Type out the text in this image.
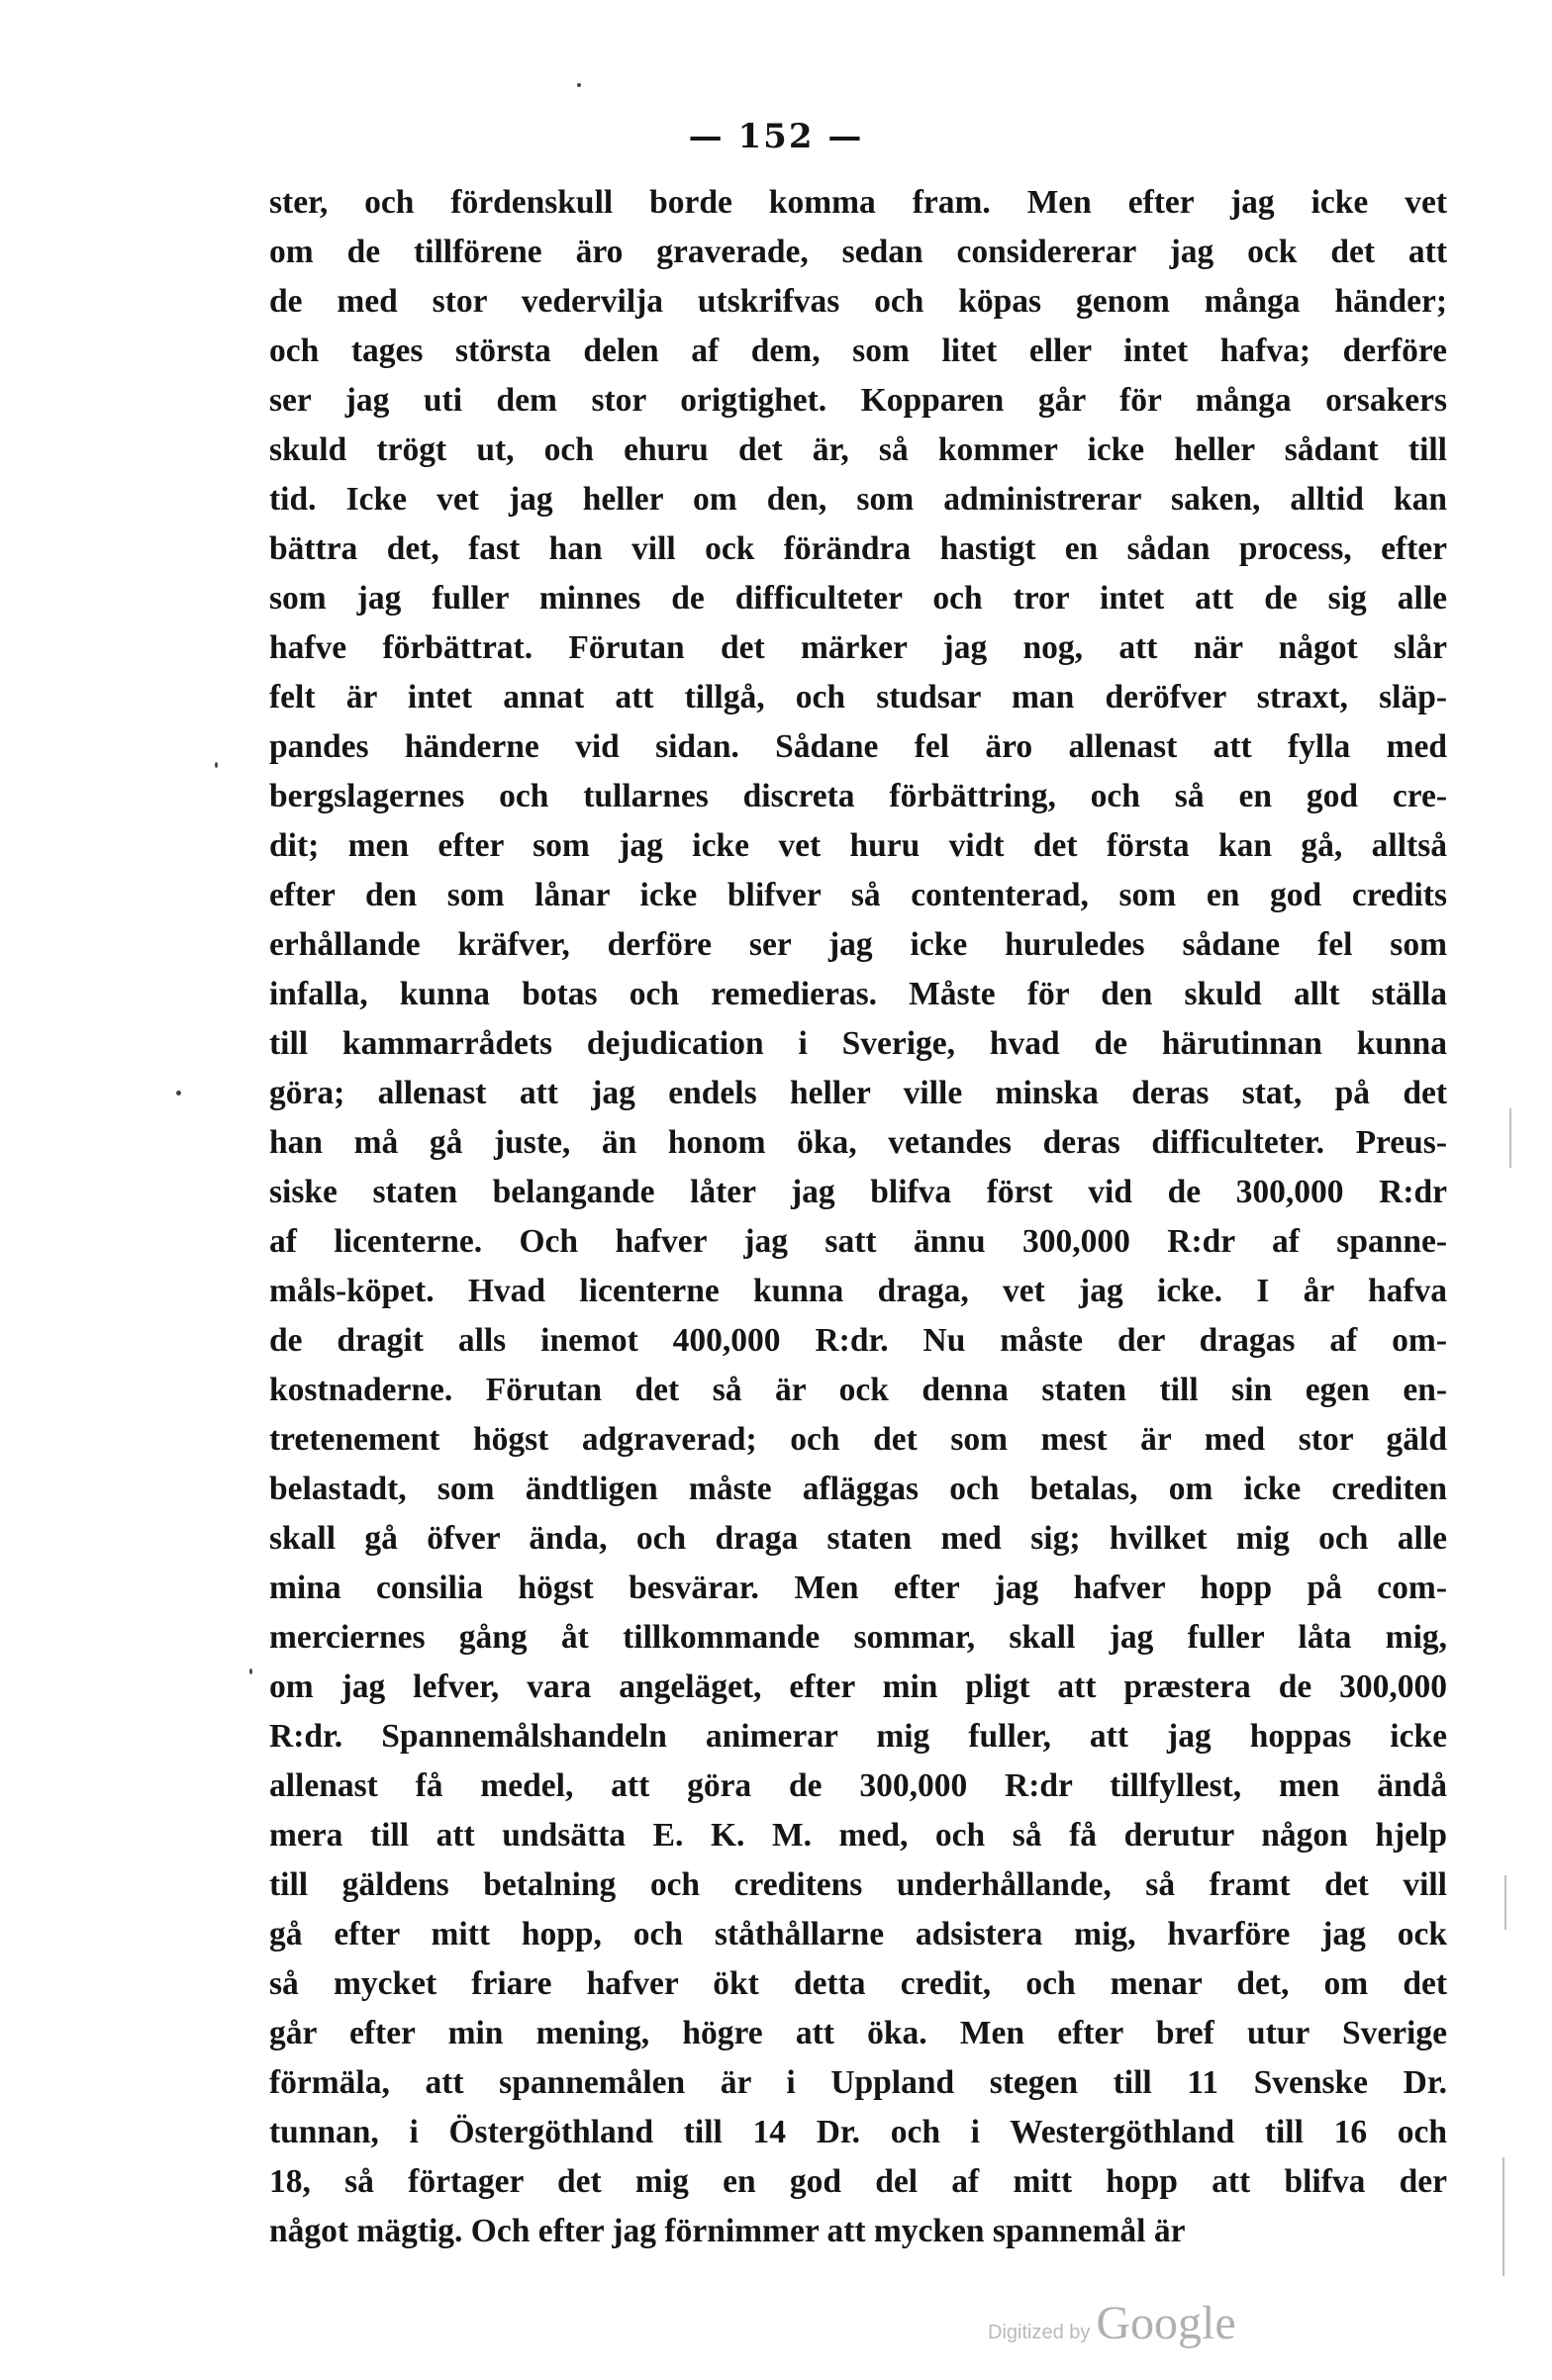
— 152 —
ster, och fördenskull borde komma fram. Men efter jag icke vet
om de tillförene äro graverade, sedan considererar jag ock det att
de med stor vedervilja utskrifvas och köpas genom många händer;
och tages största delen af dem, som litet eller intet hafva; derföre
ser jag uti dem stor origtighet. Kopparen går för många orsakers
skuld trögt ut, och ehuru det är, så kommer icke heller sådant till
tid. Icke vet jag heller om den, som administrerar saken, alltid kan
bättra det, fast han vill ock förändra hastigt en sådan process, efter
som jag fuller minnes de difficulteter och tror intet att de sig alle
hafve förbättrat. Förutan det märker jag nog, att när något slår
felt är intet annat att tillgå, och studsar man deröfver straxt, släp-
pandes händerne vid sidan. Sådane fel äro allenast att fylla med
bergslagernes och tullarnes discreta förbättring, och så en god cre-
dit; men efter som jag icke vet huru vidt det första kan gå, alltså
efter den som lånar icke blifver så contenterad, som en god credits
erhållande kräfver, derföre ser jag icke huruledes sådane fel som
infalla, kunna botas och remedieras. Måste för den skuld allt ställa
till kammarrådets dejudication i Sverige, hvad de härutinnan kunna
göra; allenast att jag endels heller ville minska deras stat, på det
han må gå juste, än honom öka, vetandes deras difficulteter. Preus-
siske staten belangande låter jag blifva först vid de 300,000 R:dr
af licenterne. Och hafver jag satt ännu 300,000 R:dr af spanne-
måls-köpet. Hvad licenterne kunna draga, vet jag icke. I år hafva
de dragit alls inemot 400,000 R:dr. Nu måste der dragas af om-
kostnaderne. Förutan det så är ock denna staten till sin egen en-
tretenement högst adgraverad; och det som mest är med stor gäld
belastadt, som ändtligen måste afläggas och betalas, om icke crediten
skall gå öfver ända, och draga staten med sig; hvilket mig och alle
mina consilia högst besvärar. Men efter jag hafver hopp på com-
merciernes gång åt tillkommande sommar, skall jag fuller låta mig,
om jag lefver, vara angeläget, efter min pligt att præstera de 300,000
R:dr. Spannemålshandeln animerar mig fuller, att jag hoppas icke
allenast få medel, att göra de 300,000 R:dr tillfyllest, men ändå
mera till att undsätta E. K. M. med, och så få derutur någon hjelp
till gäldens betalning och creditens underhållande, så framt det vill
gå efter mitt hopp, och ståthållarne adsistera mig, hvarföre jag ock
så mycket friare hafver ökt detta credit, och menar det, om det
går efter min mening, högre att öka. Men efter bref utur Sverige
förmäla, att spannemålen är i Uppland stegen till 11 Svenske Dr.
tunnan, i Östergöthland till 14 Dr. och i Westergöthland till 16 och
18, så förtager det mig en god del af mitt hopp att blifva der
något mägtig. Och efter jag förnimmer att mycken spannemål är
Digitized by Google
